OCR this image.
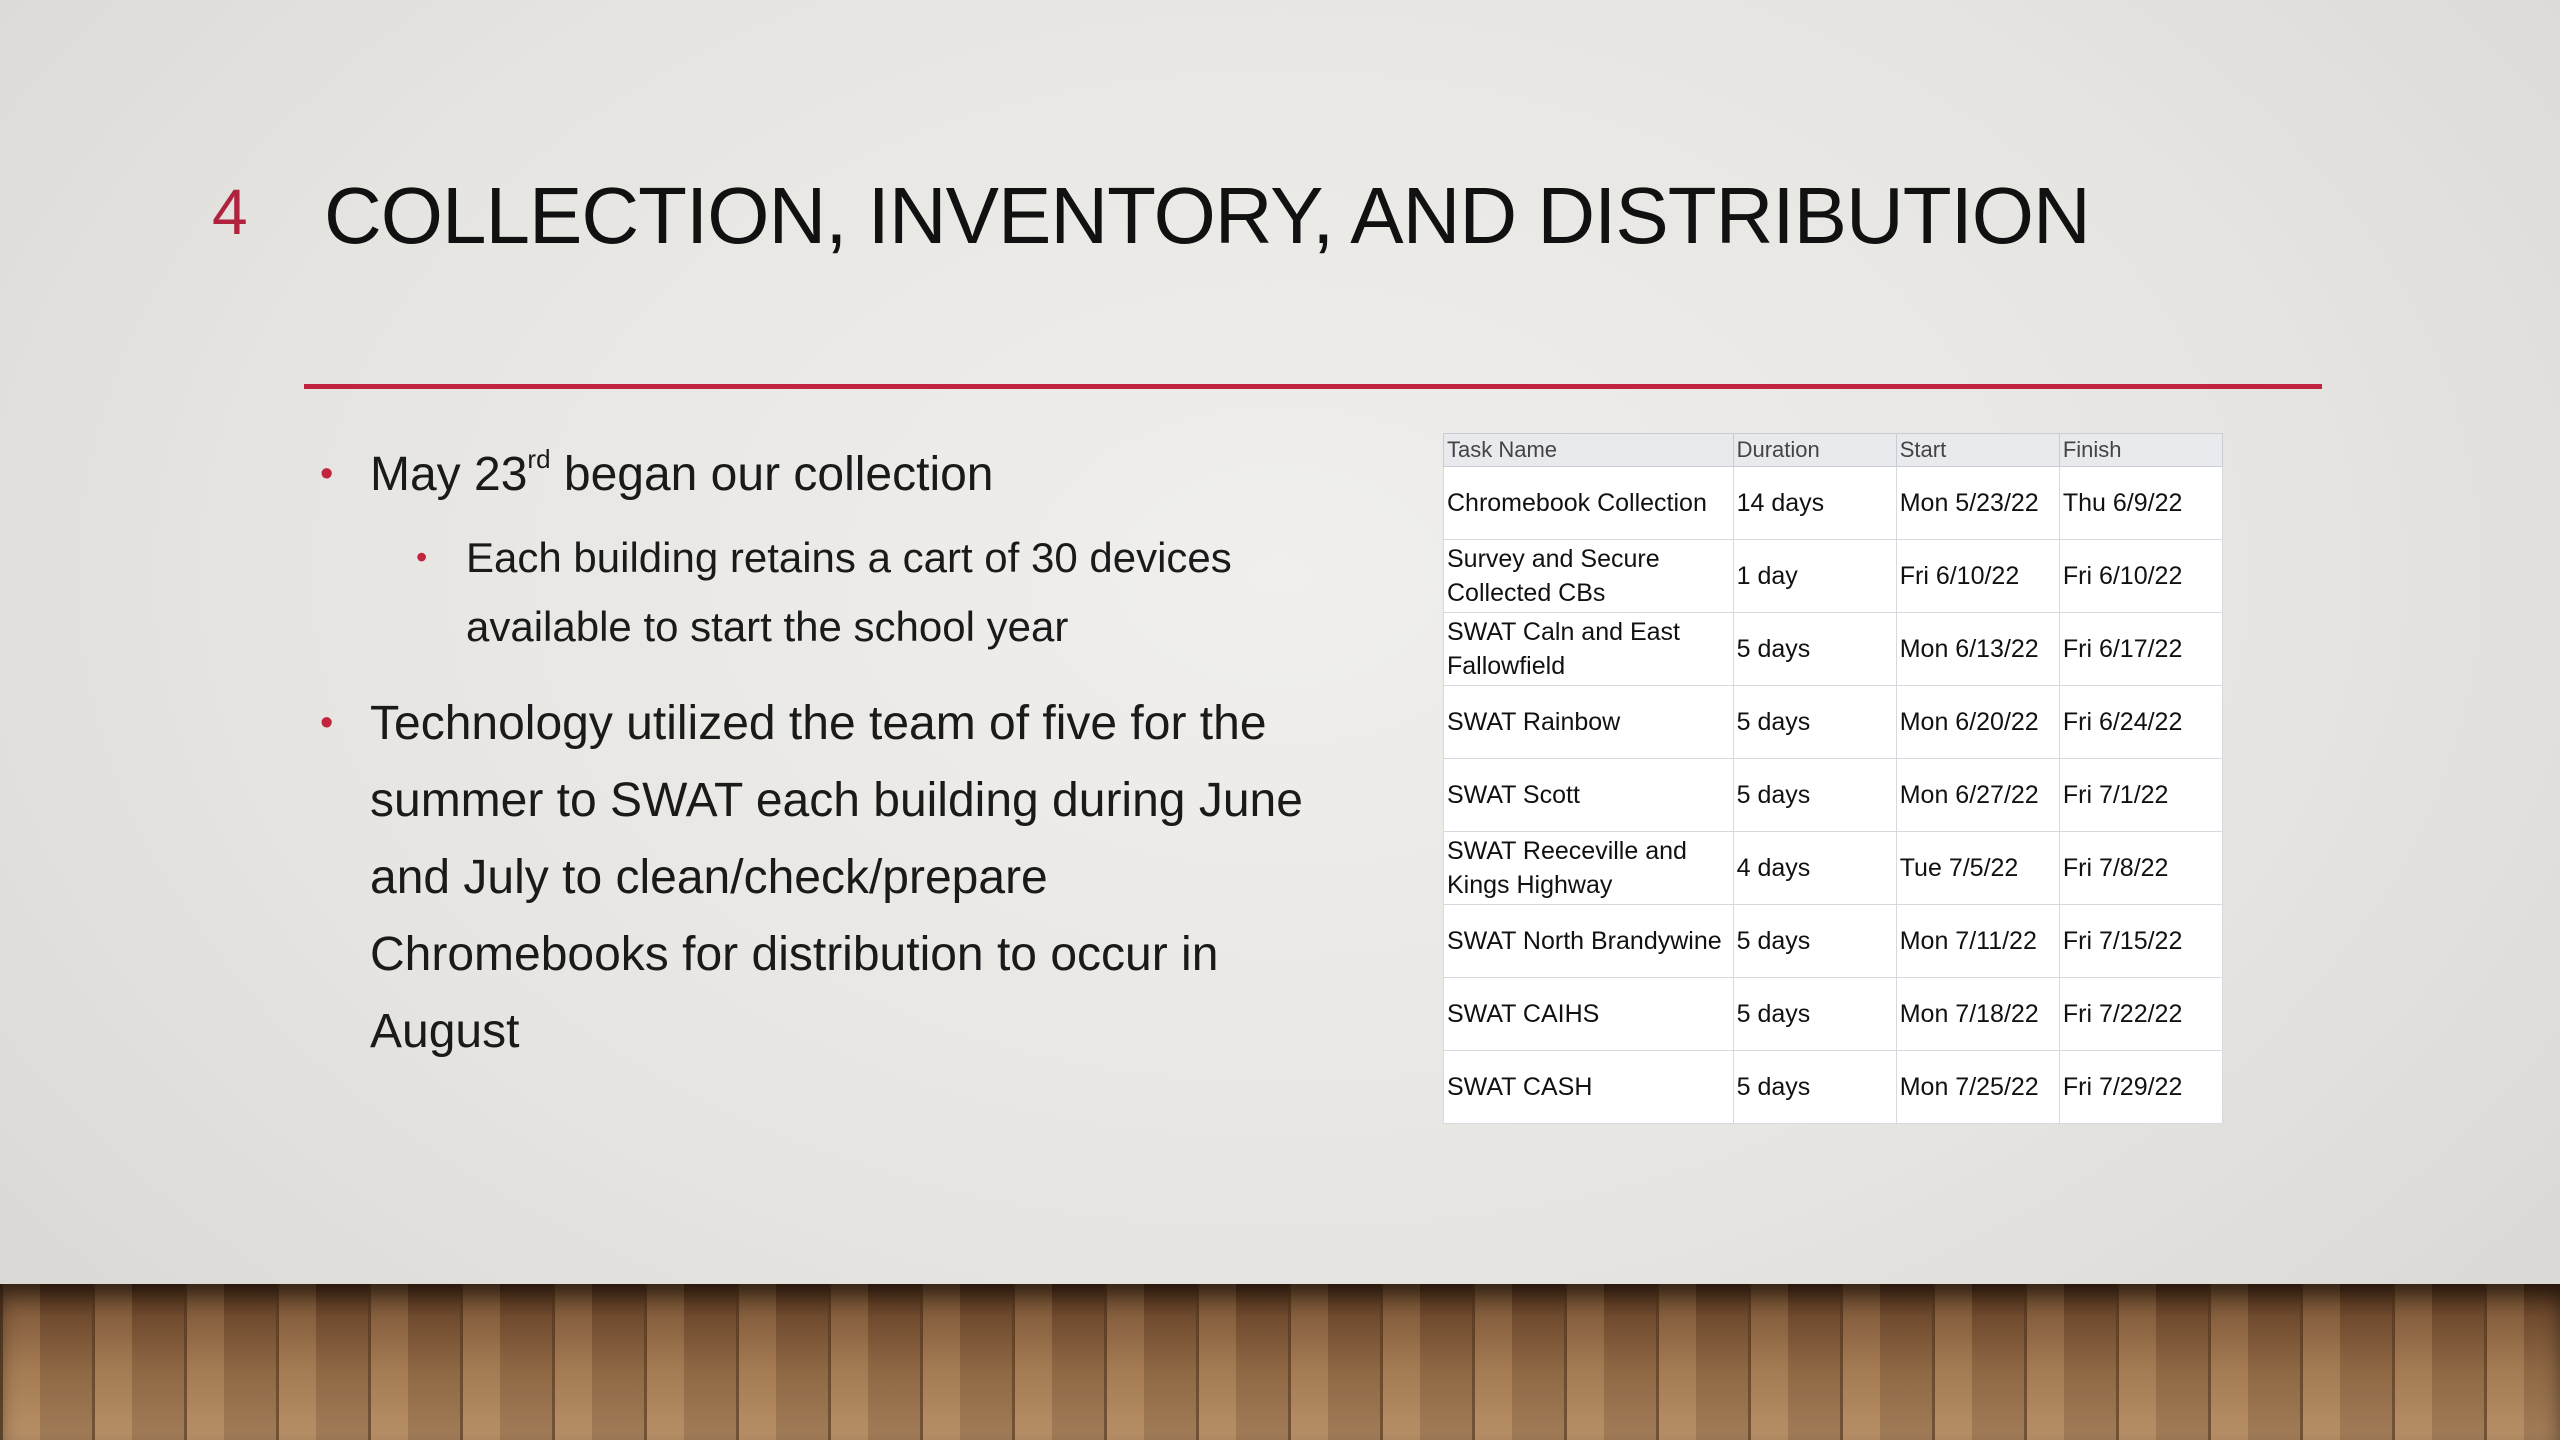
4 COLLECTION, INVENTORY, AND DISTRIBUTION
• May 23rd began our collection
• Each building retains a cart of 30 devices available to start the school year
• Technology utilized the team of five for the summer to SWAT each building during June and July to clean/check/prepare Chromebooks for distribution to occur in August
Task Name	Duration	Start	Finish
Chromebook Collection	14 days	Mon 5/23/22	Thu 6/9/22
Survey and Secure Collected CBs	1 day	Fri 6/10/22	Fri 6/10/22
SWAT Caln and East Fallowfield	5 days	Mon 6/13/22	Fri 6/17/22
SWAT Rainbow	5 days	Mon 6/20/22	Fri 6/24/22
SWAT Scott	5 days	Mon 6/27/22	Fri 7/1/22
SWAT Reeceville and Kings Highway	4 days	Tue 7/5/22	Fri 7/8/22
SWAT North Brandywine	5 days	Mon 7/11/22	Fri 7/15/22
SWAT CAIHS	5 days	Mon 7/18/22	Fri 7/22/22
SWAT CASH	5 days	Mon 7/25/22	Fri 7/29/22
